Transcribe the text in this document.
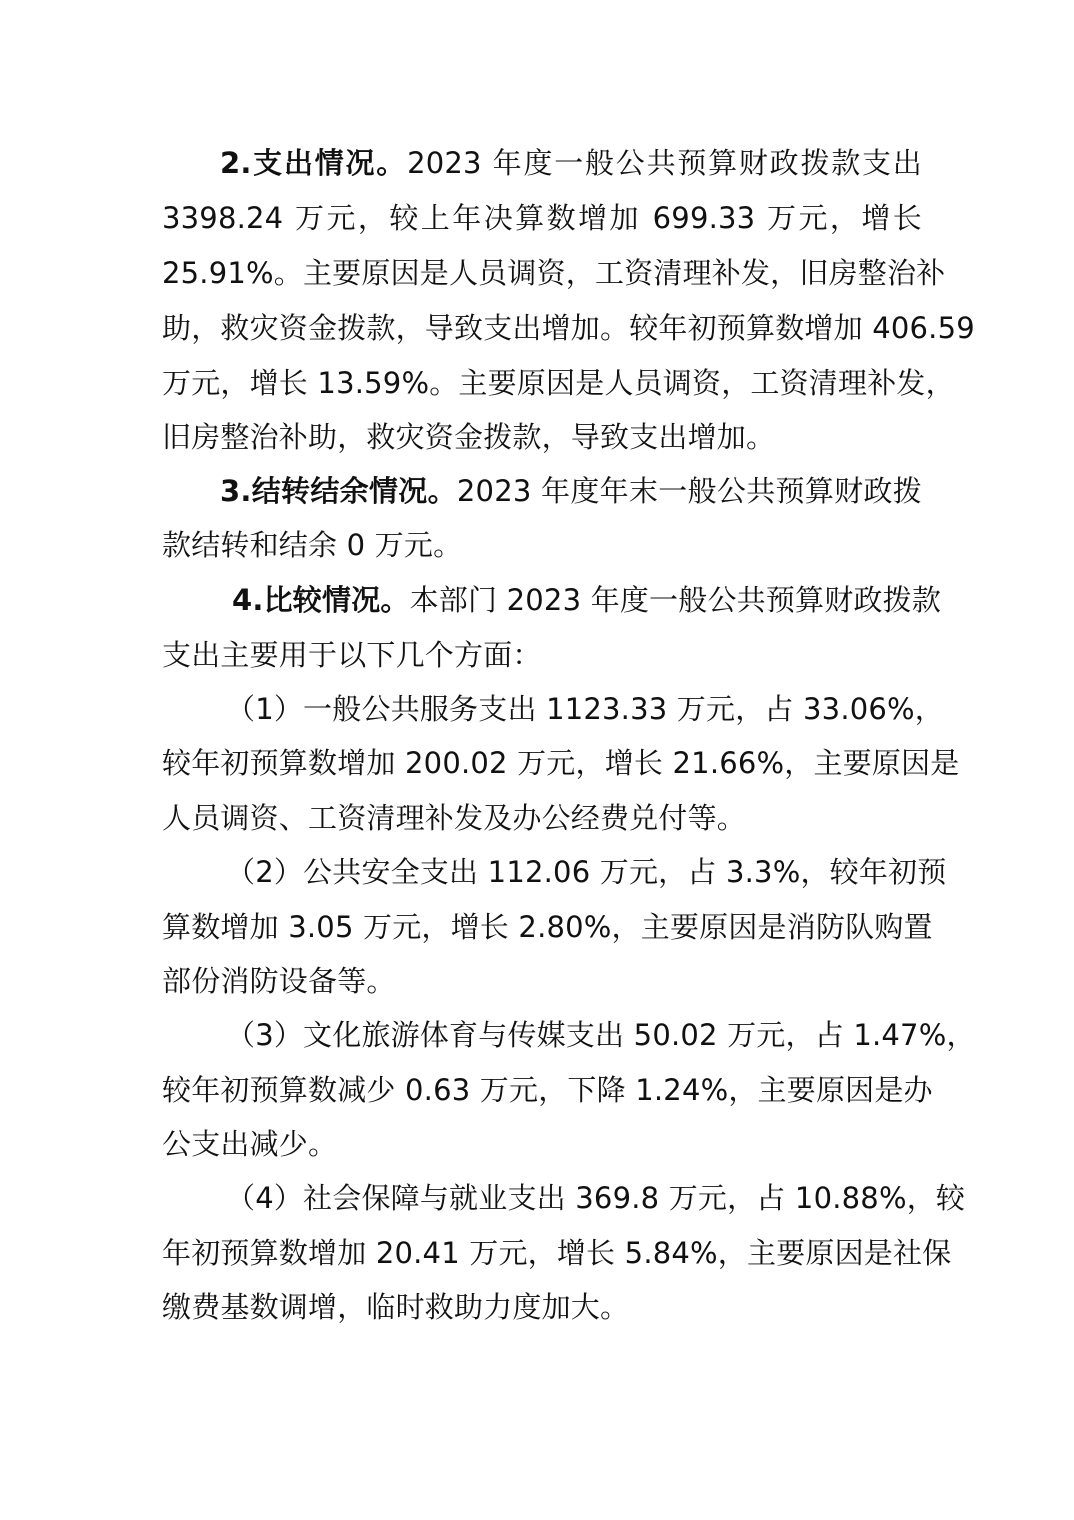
2.支出情况。2023 年度一般公共预算财政拨款支出
3398.24 万元，较上年决算数增加 699.33 万元，增长
25.91%。主要原因是人员调资，工资清理补发，旧房整治补
助，救灾资金拨款，导致支出增加。较年初预算数增加 406.59
万元，增长 13.59%。主要原因是人员调资，工资清理补发，
旧房整治补助，救灾资金拨款，导致支出增加。
3.结转结余情况。2023 年度年末一般公共预算财政拨
款结转和结余 0 万元。
4.比较情况。本部门 2023 年度一般公共预算财政拨款
支出主要用于以下几个方面：
（1）一般公共服务支出 1123.33 万元，占 33.06%，
较年初预算数增加 200.02 万元，增长 21.66%，主要原因是
人员调资、工资清理补发及办公经费兑付等。
（2）公共安全支出 112.06 万元，占 3.3%，较年初预
算数增加 3.05 万元，增长 2.80%，主要原因是消防队购置
部份消防设备等。
（3）文化旅游体育与传媒支出 50.02 万元，占 1.47%，
较年初预算数减少 0.63 万元，下降 1.24%，主要原因是办
公支出减少。
（4）社会保障与就业支出 369.8 万元，占 10.88%，较
年初预算数增加 20.41 万元，增长 5.84%，主要原因是社保
缴费基数调增，临时救助力度加大。
